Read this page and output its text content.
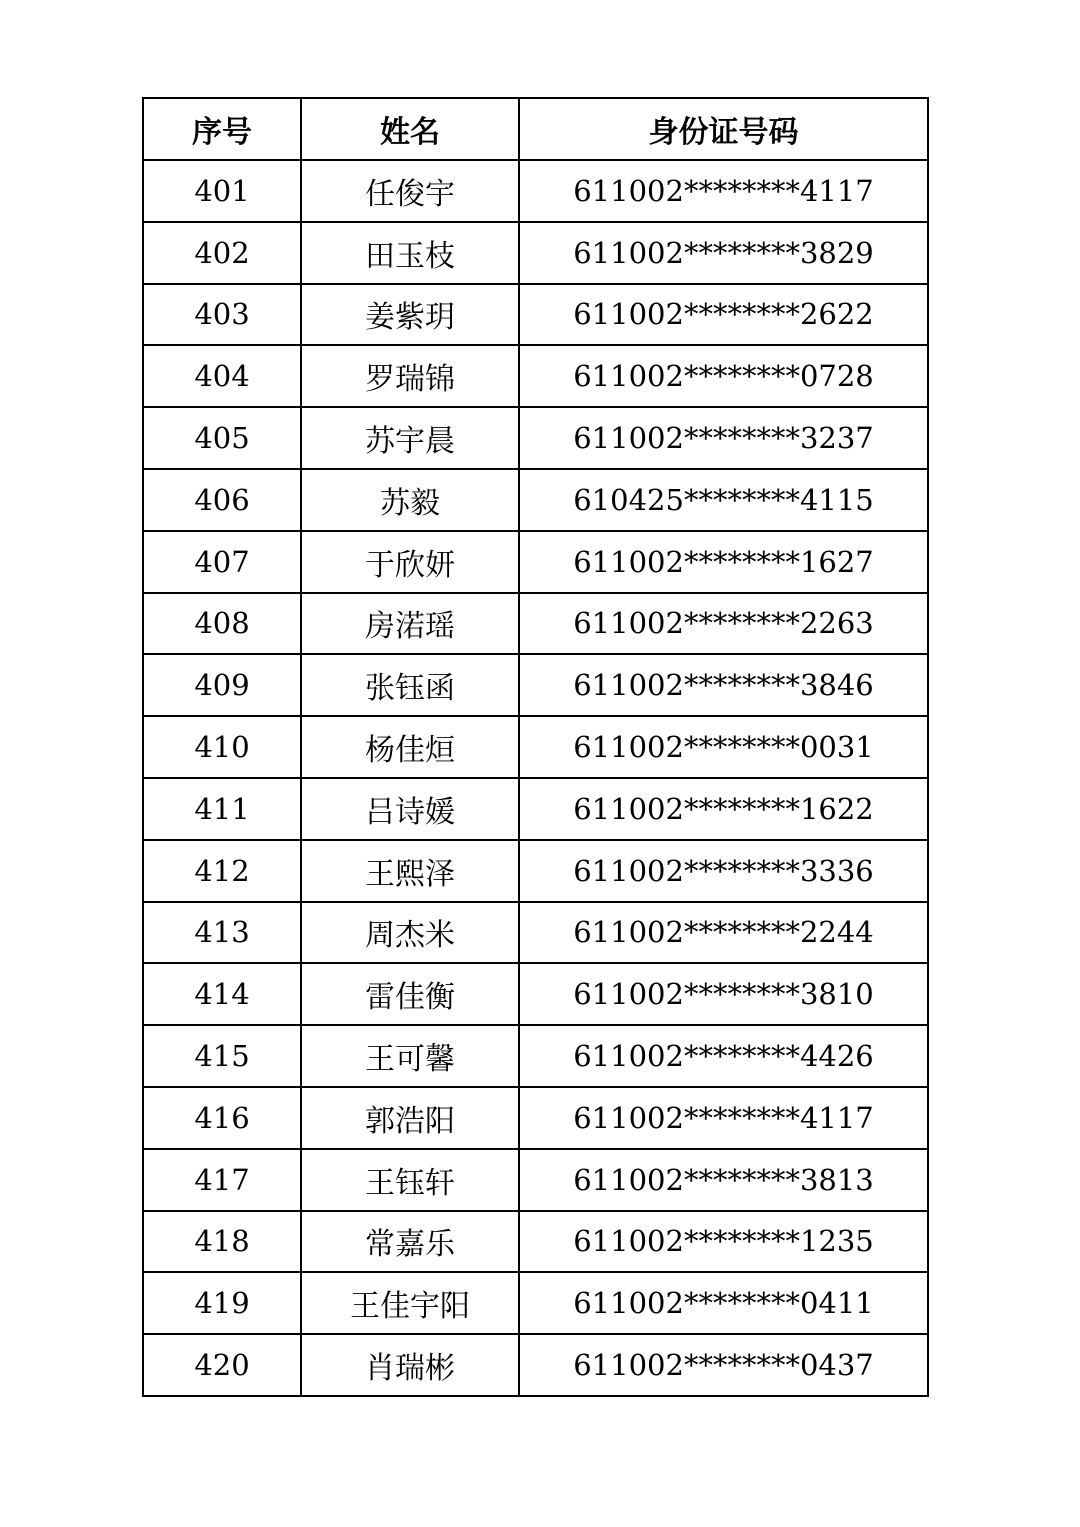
序号	姓名	身份证号码
401	任俊宇	611002********4117
402	田玉枝	611002********3829
403	姜紫玥	611002********2622
404	罗瑞锦	611002********0728
405	苏宇晨	611002********3237
406	苏毅	610425********4115
407	于欣妍	611002********1627
408	房渃瑶	611002********2263
409	张钰函	611002********3846
410	杨佳烜	611002********0031
411	吕诗媛	611002********1622
412	王熙泽	611002********3336
413	周杰米	611002********2244
414	雷佳衡	611002********3810
415	王可馨	611002********4426
416	郭浩阳	611002********4117
417	王钰轩	611002********3813
418	常嘉乐	611002********1235
419	王佳宇阳	611002********0411
420	肖瑞彬	611002********0437
